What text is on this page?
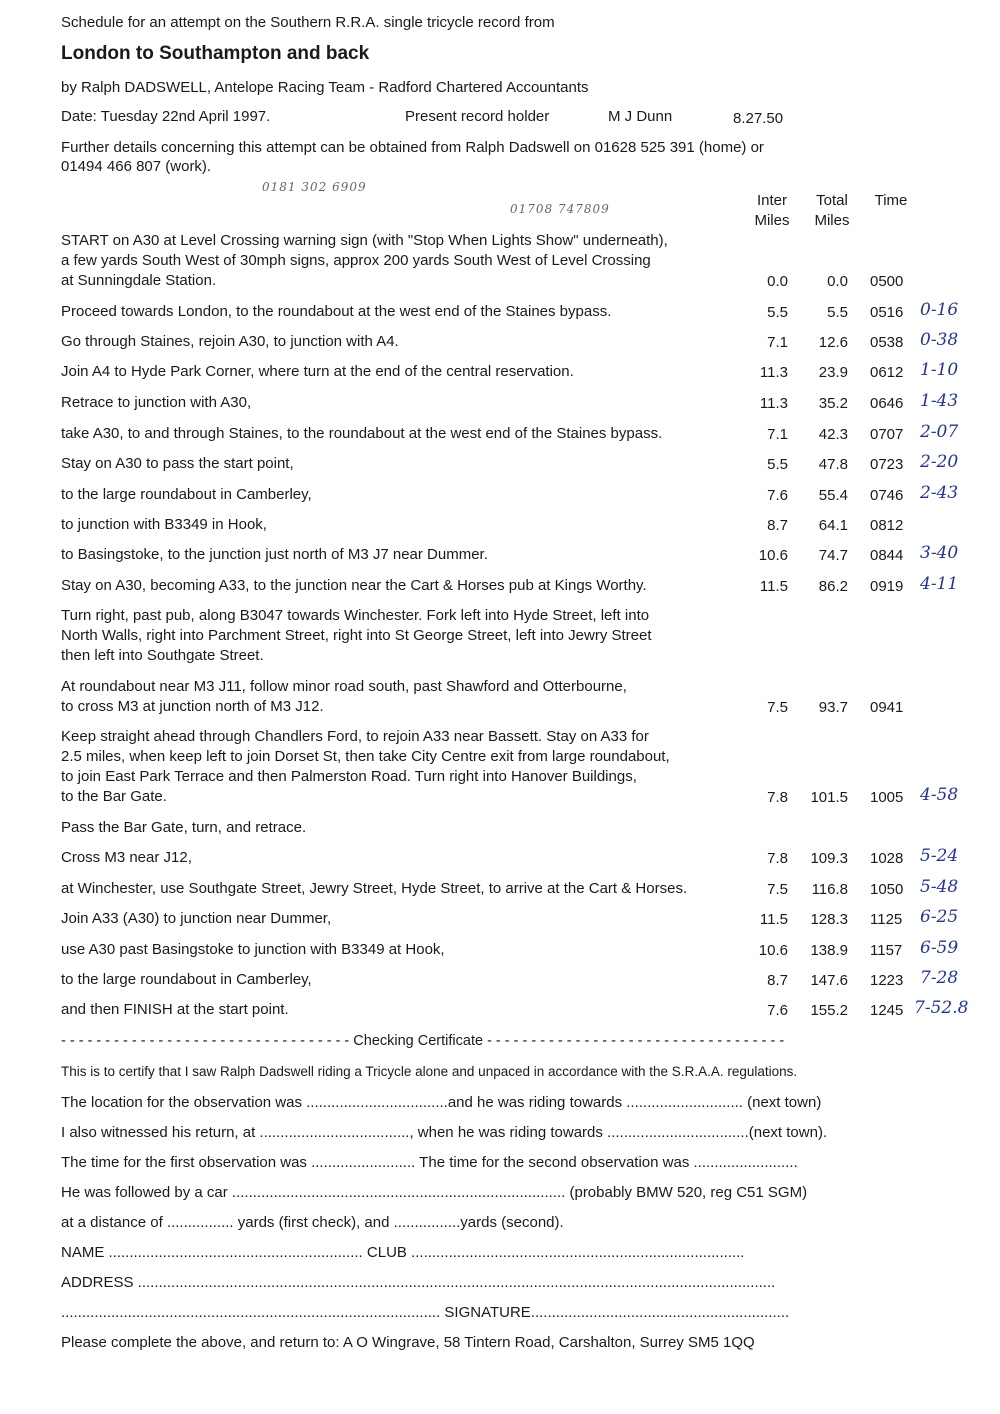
Schedule for an attempt on the Southern R.R.A. single tricycle record from
London to Southampton and back
by Ralph DADSWELL, Antelope Racing Team - Radford Chartered Accountants
Date: Tuesday 22nd April 1997.	Present record holder	M J Dunn	8.27.50
Further details concerning this attempt can be obtained from Ralph Dadswell on 01628 525 391 (home) or
01494 466 807 (work).
0181 302 6909
01708 747809	Inter
Miles
Total
Miles
Time
START on A30 at Level Crossing warning sign (with "Stop When Lights Show" underneath),
a few yards South West of 30mph signs, approx 200 yards South West of Level Crossing
at Sunningdale Station.	0.0	0.0 0500
Proceed towards London, to the roundabout at the west end of the Staines bypass.	5.5	5.5 0516 0-16
Go through Staines, rejoin A30, to junction with A4.	7.1 12.6 0538 0-38
Join A4 to Hyde Park Corner, where turn at the end of the central reservation.	11.3 23.9 0612 1-10
Retrace to junction with A30,	11.3 35.2 0646 1-43
take A30, to and through Staines, to the roundabout at the west end of the Staines bypass.	7.1 42.3 0707 2-07
Stay on A30 to pass the start point,	5.5 47.8 0723 2-20
to the large roundabout in Camberley,	7.6 55.4 0746 2-43
to junction with B3349 in Hook,	8.7 64.1 0812
to Basingstoke, to the junction just north of M3 J7 near Dummer.	10.6 74.7 0844 3-40
Stay on A30, becoming A33, to the junction near the Cart & Horses pub at Kings Worthy.	11.5 86.2 0919 4-11
Turn right, past pub, along B3047 towards Winchester. Fork left into Hyde Street, left into
North Walls, right into Parchment Street, right into St George Street, left into Jewry Street
then left into Southgate Street.
At roundabout near M3 J11, follow minor road south, past Shawford and Otterbourne,
to cross M3 at junction north of M3 J12.	7.5 93.7 0941
Keep straight ahead through Chandlers Ford, to rejoin A33 near Bassett. Stay on A33 for
2.5 miles, when keep left to join Dorset St, then take City Centre exit from large roundabout,
to join East Park Terrace and then Palmerston Road. Turn right into Hanover Buildings,
to the Bar Gate.	7.8 101.5 1005 4-58
Pass the Bar Gate, turn, and retrace.
Cross M3 near J12,	7.8 109.3 1028 5-24
at Winchester, use Southgate Street, Jewry Street, Hyde Street, to arrive at the Cart & Horses.	7.5 116.8 1050 5-48
Join A33 (A30) to junction near Dummer,	11.5 128.3 1125 6-25
use A30 past Basingstoke to junction with B3349 at Hook,	10.6 138.9 1157 6-59
to the large roundabout in Camberley,	8.7 147.6 1223 7-28
and then FINISH at the start point.	7.6 155.2 1245 7-52.8
- - - - - - - - - - - - - - - - - - - - - - - - - - - - - - - - - Checking Certificate - - - - - - - - - - - - - - - - - - - - - - - - - - - - - - - - - -
This is to certify that I saw Ralph Dadswell riding a Tricycle alone and unpaced in accordance with the S.R.A.A. regulations.
The location for the observation was ..................................and he was riding towards ............................ (next town)
I also witnessed his return, at ...................................., when he was riding towards ..................................(next town).
The time for the first observation was ......................... The time for the second observation was .........................
He was followed by a car ................................................................................ (probably BMW 520, reg C51 SGM)
at a distance of ................ yards (first check), and ................yards (second).
NAME ............................................................. CLUB ................................................................................
ADDRESS .........................................................................................................................................................
........................................................................................... SIGNATURE..............................................................
Please complete the above, and return to: A O Wingrave, 58 Tintern Road, Carshalton, Surrey SM5 1QQ
